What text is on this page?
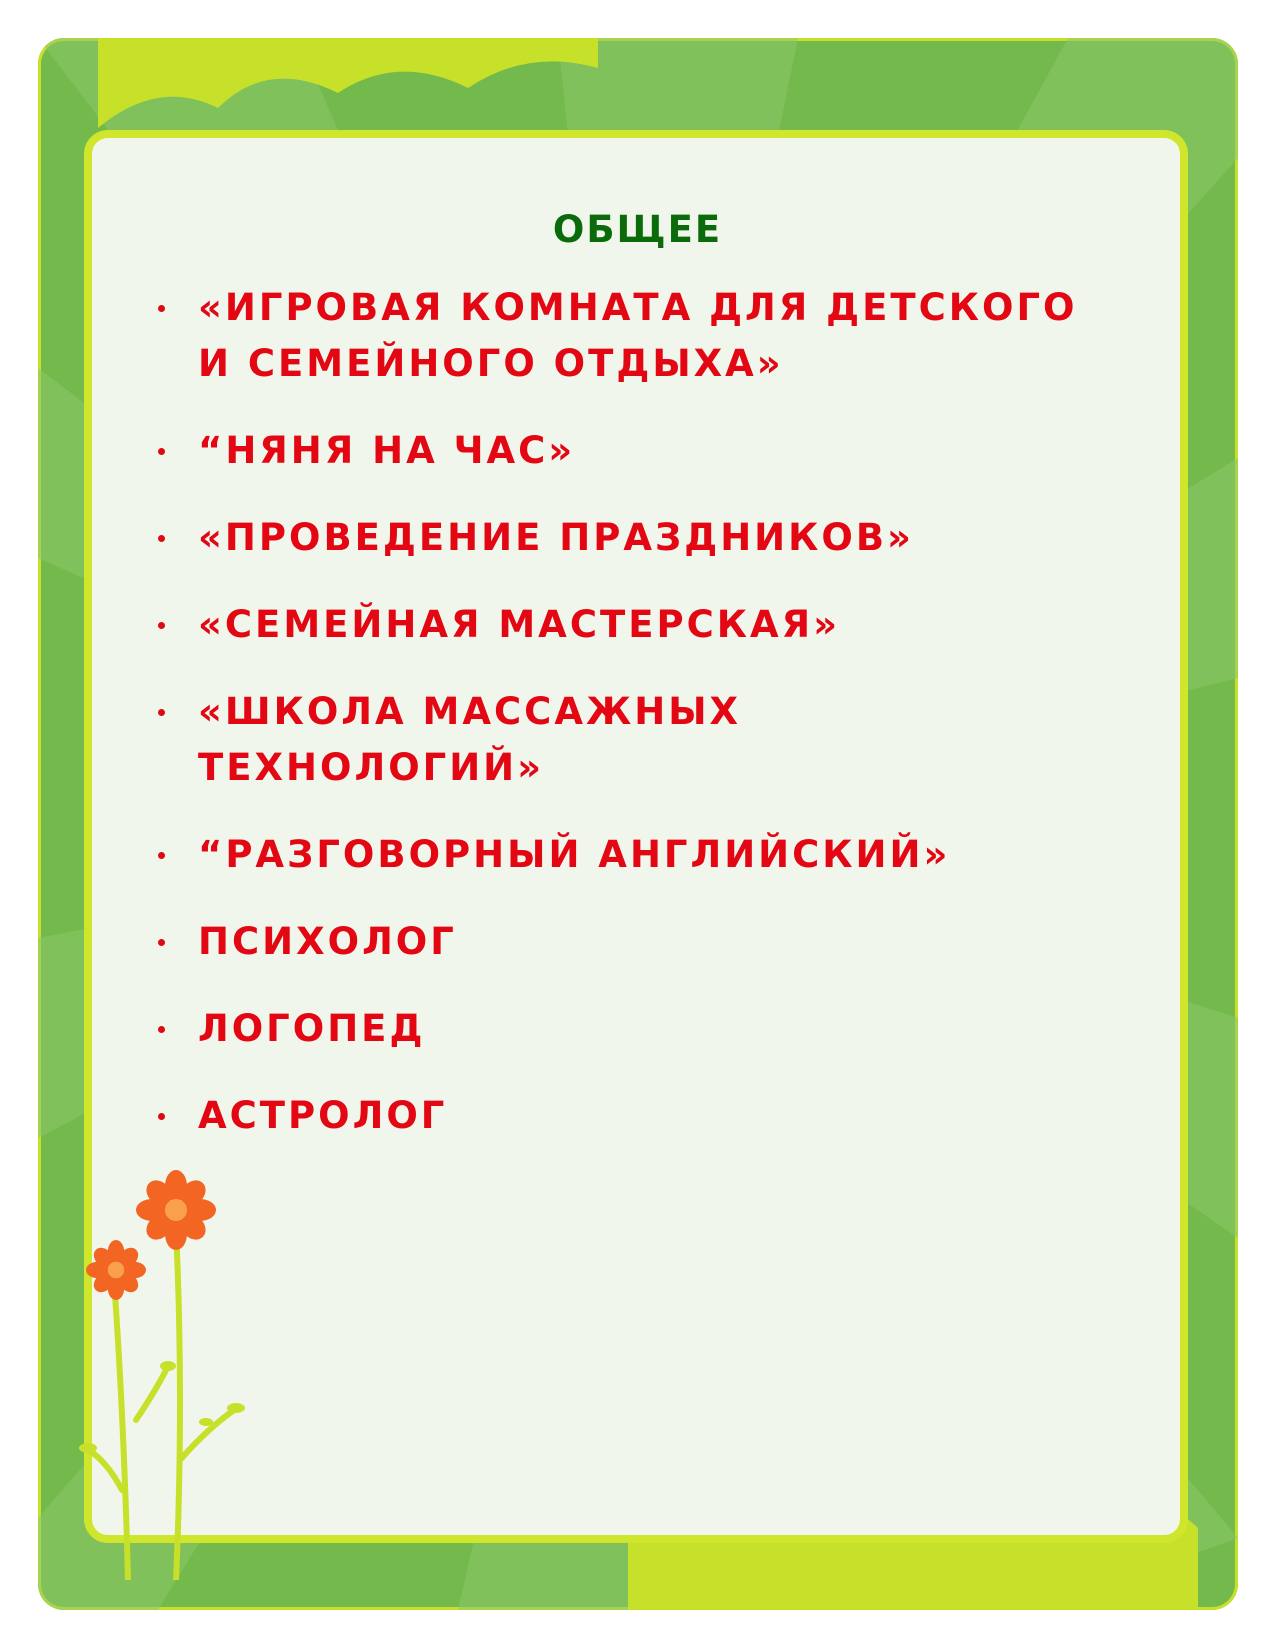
ОБЩЕЕ
«ИГРОВАЯ КОМНАТА ДЛЯ ДЕТСКОГО И СЕМЕЙНОГО ОТДЫХА»
“НЯНЯ НА ЧАС»
«ПРОВЕДЕНИЕ ПРАЗДНИКОВ»
«СЕМЕЙНАЯ МАСТЕРСКАЯ»
«ШКОЛА МАССАЖНЫХ ТЕХНОЛОГИЙ»
“РАЗГОВОРНЫЙ АНГЛИЙСКИЙ»
ПСИХОЛОГ
ЛОГОПЕД
АСТРОЛОГ
